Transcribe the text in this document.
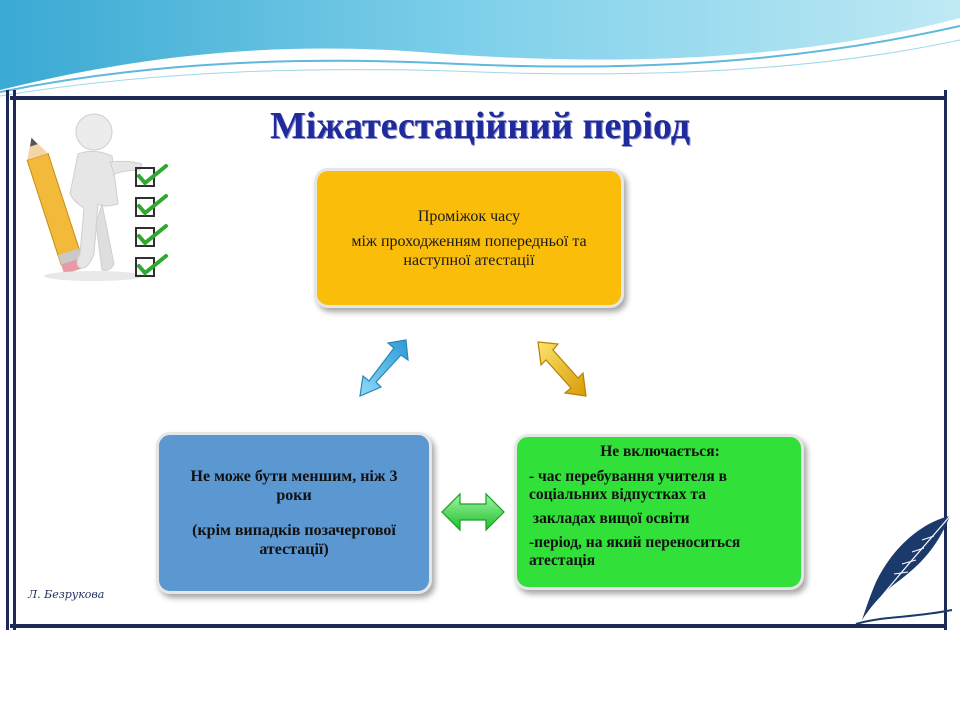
Міжатестаційний період

Проміжок часу

між проходженням попередньої та наступної атестації

Не може бути меншим, ніж 3 роки

(крім випадків позачергової атестації)

Не включається:

- час перебування учителя в соціальних відпустках та

закладах вищої освіти

-період, на який переноситься атестація

Л. Безрукова
